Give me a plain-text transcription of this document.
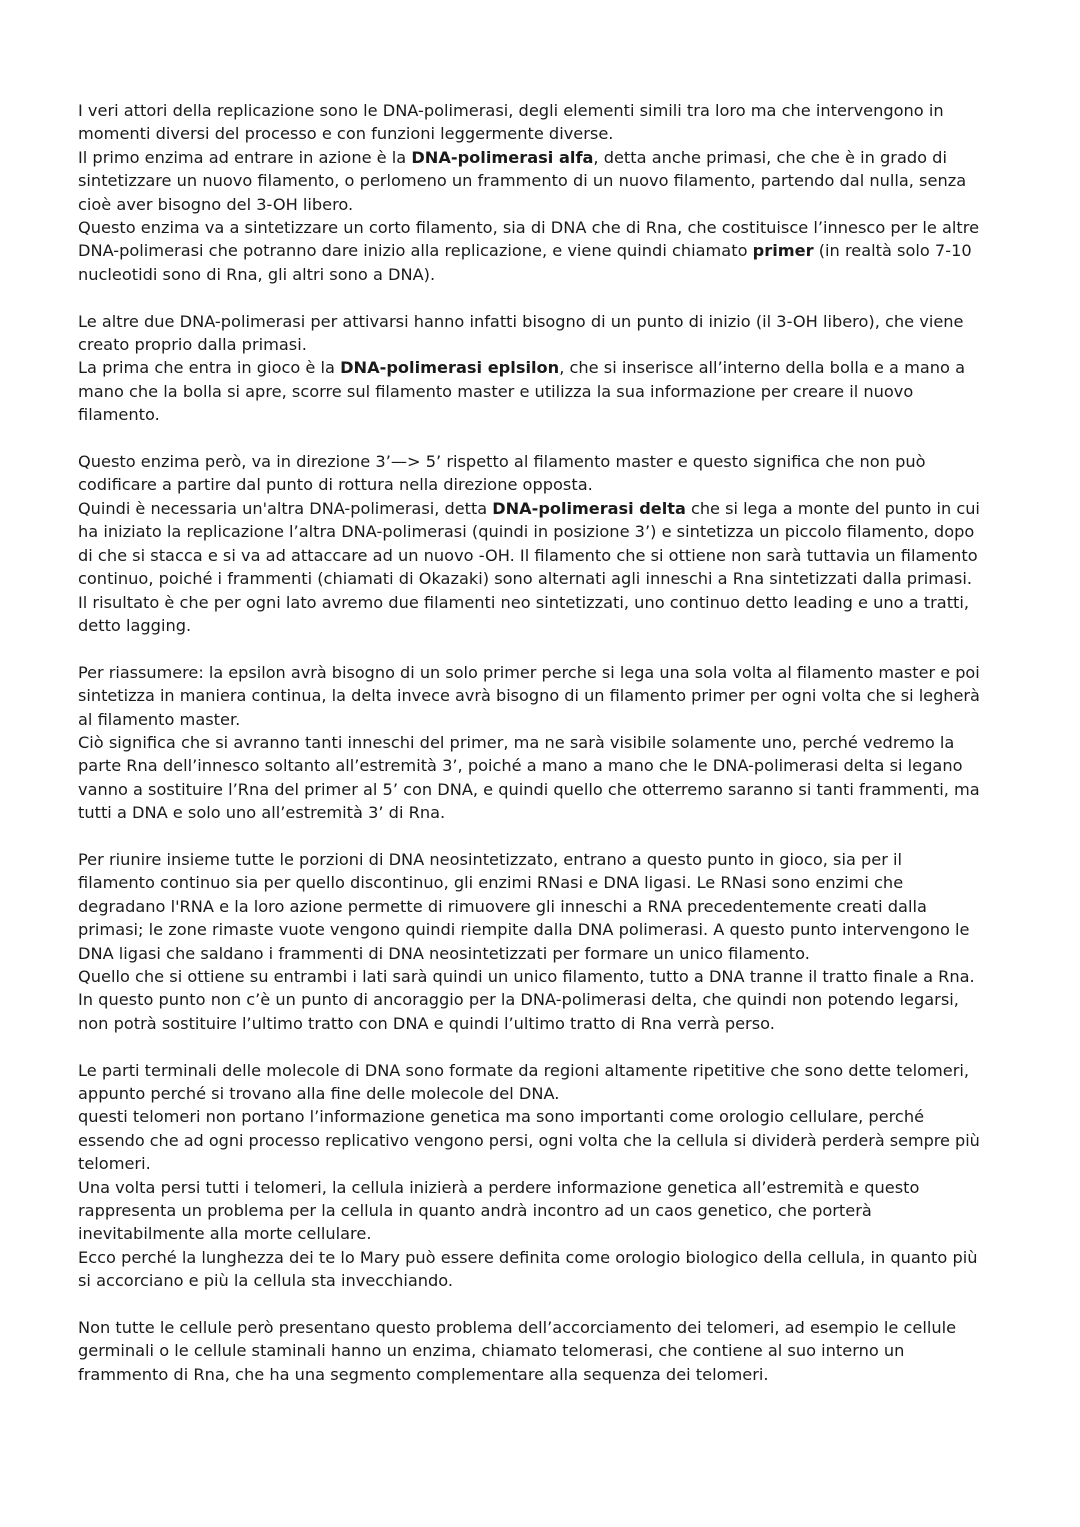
I veri attori della replicazione sono le DNA-polimerasi, degli elementi simili tra loro ma che intervengono in
momenti diversi del processo e con funzioni leggermente diverse.
Il primo enzima ad entrare in azione è la DNA-polimerasi alfa, detta anche primasi, che che è in grado di
sintetizzare un nuovo filamento, o perlomeno un frammento di un nuovo filamento, partendo dal nulla, senza
cioè aver bisogno del 3-OH libero.
Questo enzima va a sintetizzare un corto filamento, sia di DNA che di Rna, che costituisce l’innesco per le altre
DNA-polimerasi che potranno dare inizio alla replicazione, e viene quindi chiamato primer (in realtà solo 7-10
nucleotidi sono di Rna, gli altri sono a DNA).

Le altre due DNA-polimerasi per attivarsi hanno infatti bisogno di un punto di inizio (il 3-OH libero), che viene
creato proprio dalla primasi.
La prima che entra in gioco è la DNA-polimerasi eplsilon, che si inserisce all’interno della bolla e a mano a
mano che la bolla si apre, scorre sul filamento master e utilizza la sua informazione per creare il nuovo
filamento.

Questo enzima però, va in direzione 3’—> 5’ rispetto al filamento master e questo significa che non può
codificare a partire dal punto di rottura nella direzione opposta.
Quindi è necessaria un'altra DNA-polimerasi, detta DNA-polimerasi delta che si lega a monte del punto in cui
ha iniziato la replicazione l’altra DNA-polimerasi (quindi in posizione 3’) e sintetizza un piccolo filamento, dopo
di che si stacca e si va ad attaccare ad un nuovo -OH. Il filamento che si ottiene non sarà tuttavia un filamento
continuo, poiché i frammenti (chiamati di Okazaki) sono alternati agli inneschi a Rna sintetizzati dalla primasi.
Il risultato è che per ogni lato avremo due filamenti neo sintetizzati, uno continuo detto leading e uno a tratti,
detto lagging.

Per riassumere: la epsilon avrà bisogno di un solo primer perche si lega una sola volta al filamento master e poi
sintetizza in maniera continua, la delta invece avrà bisogno di un filamento primer per ogni volta che si legherà
al filamento master.
Ciò significa che si avranno tanti inneschi del primer, ma ne sarà visibile solamente uno, perché vedremo la
parte Rna dell’innesco soltanto all’estremità 3’, poiché a mano a mano che le DNA-polimerasi delta si legano
vanno a sostituire l’Rna del primer al 5’ con DNA, e quindi quello che otterremo saranno si tanti frammenti, ma
tutti a DNA e solo uno all’estremità 3’ di Rna.

Per riunire insieme tutte le porzioni di DNA neosintetizzato, entrano a questo punto in gioco, sia per il
filamento continuo sia per quello discontinuo, gli enzimi RNasi e DNA ligasi. Le RNasi sono enzimi che
degradano l'RNA e la loro azione permette di rimuovere gli inneschi a RNA precedentemente creati dalla
primasi; le zone rimaste vuote vengono quindi riempite dalla DNA polimerasi. A questo punto intervengono le
DNA ligasi che saldano i frammenti di DNA neosintetizzati per formare un unico filamento.
Quello che si ottiene su entrambi i lati sarà quindi un unico filamento, tutto a DNA tranne il tratto finale a Rna.
In questo punto non c’è un punto di ancoraggio per la DNA-polimerasi delta, che quindi non potendo legarsi,
non potrà sostituire l’ultimo tratto con DNA e quindi l’ultimo tratto di Rna verrà perso.

Le parti terminali delle molecole di DNA sono formate da regioni altamente ripetitive che sono dette telomeri,
appunto perché si trovano alla fine delle molecole del DNA.
questi telomeri non portano l’informazione genetica ma sono importanti come orologio cellulare, perché
essendo che ad ogni processo replicativo vengono persi, ogni volta che la cellula si dividerà perderà sempre più
telomeri.
Una volta persi tutti i telomeri, la cellula inizierà a perdere informazione genetica all’estremità e questo
rappresenta un problema per la cellula in quanto andrà incontro ad un caos genetico, che porterà
inevitabilmente alla morte cellulare.
Ecco perché la lunghezza dei te lo Mary può essere definita come orologio biologico della cellula, in quanto più
si accorciano e più la cellula sta invecchiando.

Non tutte le cellule però presentano questo problema dell’accorciamento dei telomeri, ad esempio le cellule
germinali o le cellule staminali hanno un enzima, chiamato telomerasi, che contiene al suo interno un
frammento di Rna, che ha una segmento complementare alla sequenza dei telomeri.
